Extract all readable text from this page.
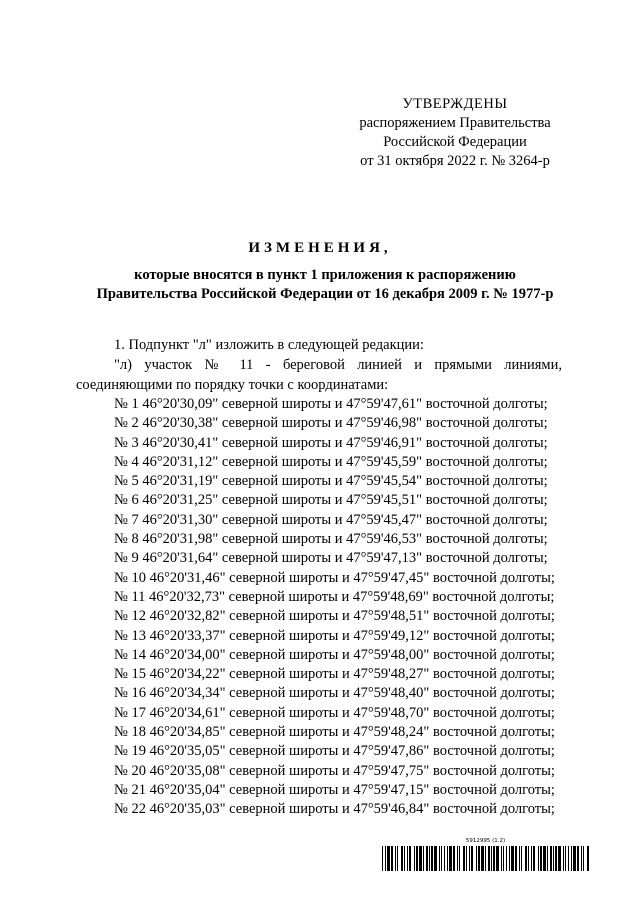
УТВЕРЖДЕНЫ
распоряжением Правительства
Российской Федерации
от 31 октября 2022 г. № 3264-р
ИЗМЕНЕНИЯ,
которые вносятся в пункт 1 приложения к распоряжению
Правительства Российской Федерации от 16 декабря 2009 г. № 1977-р
1. Подпункт "л" изложить в следующей редакции:
"л) участок № 11 - береговой линией и прямыми линиями,
соединяющими по порядку точки с координатами:
№ 1 46°20'30,09" северной широты и 47°59'47,61" восточной долготы;
№ 2 46°20'30,38" северной широты и 47°59'46,98" восточной долготы;
№ 3 46°20'30,41" северной широты и 47°59'46,91" восточной долготы;
№ 4 46°20'31,12" северной широты и 47°59'45,59" восточной долготы;
№ 5 46°20'31,19" северной широты и 47°59'45,54" восточной долготы;
№ 6 46°20'31,25" северной широты и 47°59'45,51" восточной долготы;
№ 7 46°20'31,30" северной широты и 47°59'45,47" восточной долготы;
№ 8 46°20'31,98" северной широты и 47°59'46,53" восточной долготы;
№ 9 46°20'31,64" северной широты и 47°59'47,13" восточной долготы;
№ 10 46°20'31,46" северной широты и 47°59'47,45" восточной долготы;
№ 11 46°20'32,73" северной широты и 47°59'48,69" восточной долготы;
№ 12 46°20'32,82" северной широты и 47°59'48,51" восточной долготы;
№ 13 46°20'33,37" северной широты и 47°59'49,12" восточной долготы;
№ 14 46°20'34,00" северной широты и 47°59'48,00" восточной долготы;
№ 15 46°20'34,22" северной широты и 47°59'48,27" восточной долготы;
№ 16 46°20'34,34" северной широты и 47°59'48,40" восточной долготы;
№ 17 46°20'34,61" северной широты и 47°59'48,70" восточной долготы;
№ 18 46°20'34,85" северной широты и 47°59'48,24" восточной долготы;
№ 19 46°20'35,05" северной широты и 47°59'47,86" восточной долготы;
№ 20 46°20'35,08" северной широты и 47°59'47,75" восточной долготы;
№ 21 46°20'35,04" северной широты и 47°59'47,15" восточной долготы;
№ 22 46°20'35,03" северной широты и 47°59'46,84" восточной долготы;
5912995 (1.2)
